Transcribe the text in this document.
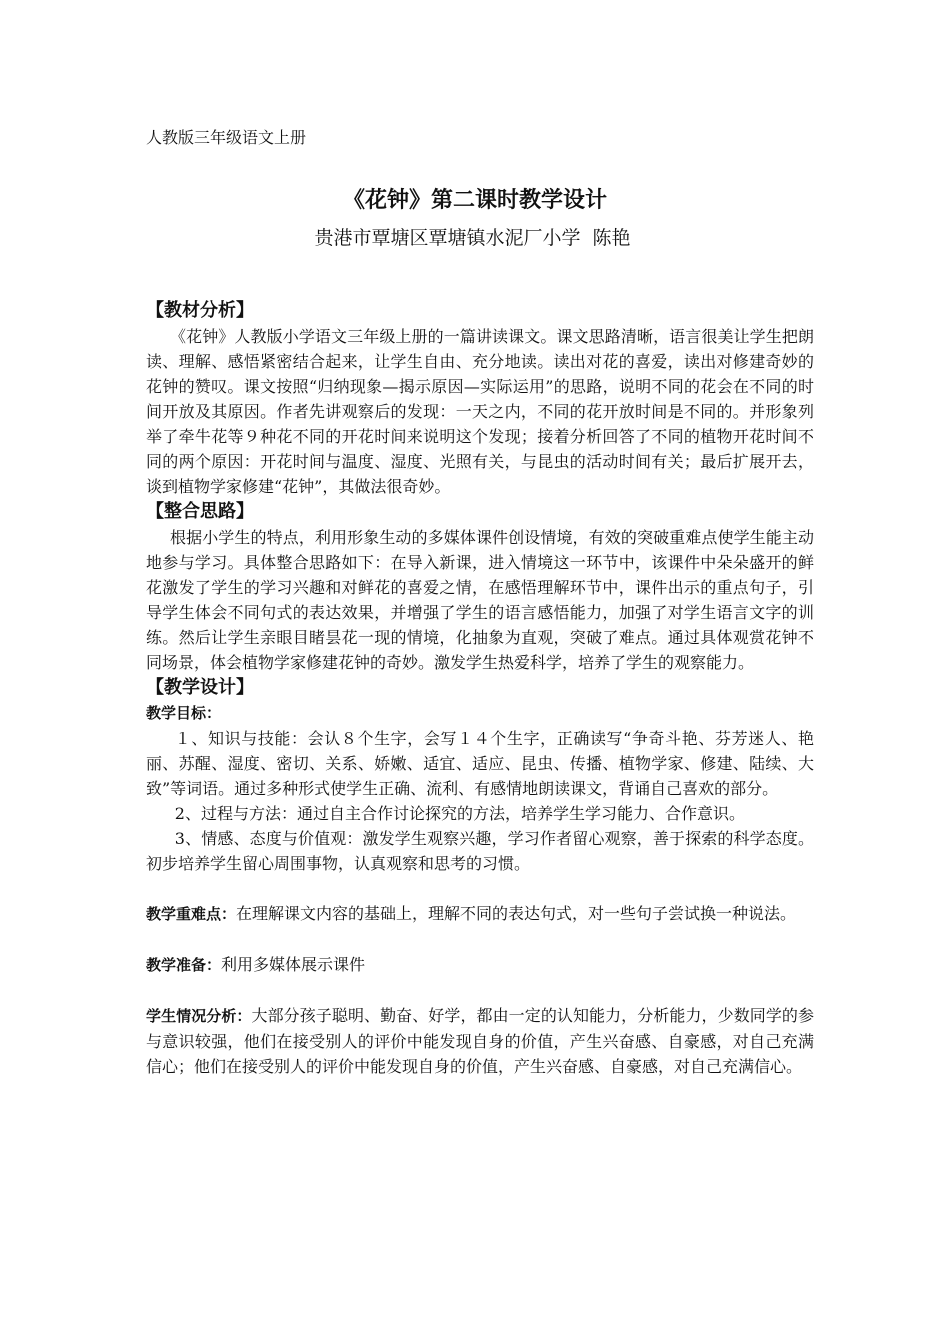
人教版三年级语文上册
《花钟》第二课时教学设计
贵港市覃塘区覃塘镇水泥厂小学  陈艳
【教材分析】
《花钟》人教版小学语文三年级上册的一篇讲读课文。课文思路清晰，语言很美让学生把朗读、理解、感悟紧密结合起来，让学生自由、充分地读。读出对花的喜爱，读出对修建奇妙的花钟的赞叹。课文按照“归纳现象—揭示原因—实际运用”的思路，说明不同的花会在不同的时间开放及其原因。作者先讲观察后的发现：一天之内，不同的花开放时间是不同的。并形象列举了牵牛花等９种花不同的开花时间来说明这个发现；接着分析回答了不同的植物开花时间不同的两个原因：开花时间与温度、湿度、光照有关，与昆虫的活动时间有关；最后扩展开去，谈到植物学家修建“花钟”，其做法很奇妙。
【整合思路】
根据小学生的特点，利用形象生动的多媒体课件创设情境，有效的突破重难点使学生能主动地参与学习。具体整合思路如下：在导入新课，进入情境这一环节中，该课件中朵朵盛开的鲜花激发了学生的学习兴趣和对鲜花的喜爱之情，在感悟理解环节中，课件出示的重点句子，引导学生体会不同句式的表达效果，并增强了学生的语言感悟能力，加强了对学生语言文字的训练。然后让学生亲眼目睹昙花一现的情境，化抽象为直观，突破了难点。通过具体观赏花钟不同场景，体会植物学家修建花钟的奇妙。激发学生热爱科学，培养了学生的观察能力。
【教学设计】
教学目标：
１、知识与技能：会认８个生字，会写１４个生字，正确读写“争奇斗艳、芬芳迷人、艳丽、苏醒、湿度、密切、关系、娇嫩、适宜、适应、昆虫、传播、植物学家、修建、陆续、大致”等词语。通过多种形式使学生正确、流利、有感情地朗读课文，背诵自己喜欢的部分。
2、过程与方法：通过自主合作讨论探究的方法，培养学生学习能力、合作意识。
3、情感、态度与价值观：激发学生观察兴趣，学习作者留心观察，善于探索的科学态度。初步培养学生留心周围事物，认真观察和思考的习惯。
教学重难点：在理解课文内容的基础上，理解不同的表达句式，对一些句子尝试换一种说法。
教学准备：利用多媒体展示课件
学生情况分析：大部分孩子聪明、勤奋、好学，都由一定的认知能力，分析能力，少数同学的参与意识较强，他们在接受别人的评价中能发现自身的价值，产生兴奋感、自豪感，对自己充满信心；他们在接受别人的评价中能发现自身的价值，产生兴奋感、自豪感，对自己充满信心。
